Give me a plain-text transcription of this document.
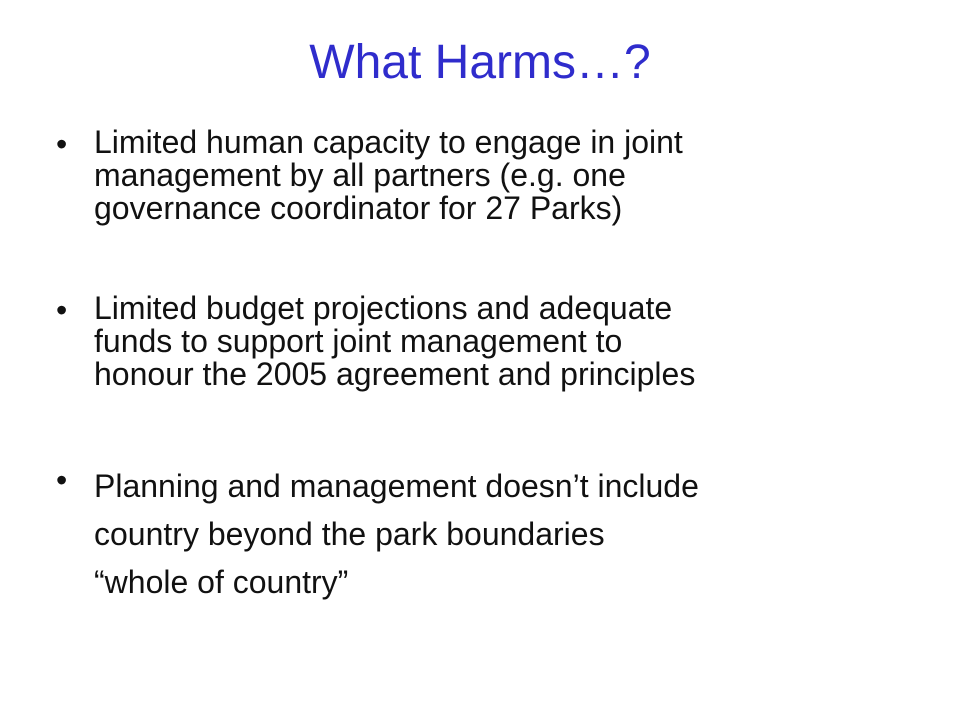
What Harms…?
• Limited human capacity to engage in joint
management by all partners (e.g. one
governance coordinator for 27 Parks)
• Limited budget projections and adequate
funds to support joint management to
honour the 2005 agreement and principles
• Planning and management doesn’t include
country beyond the park boundaries
“whole of country”
